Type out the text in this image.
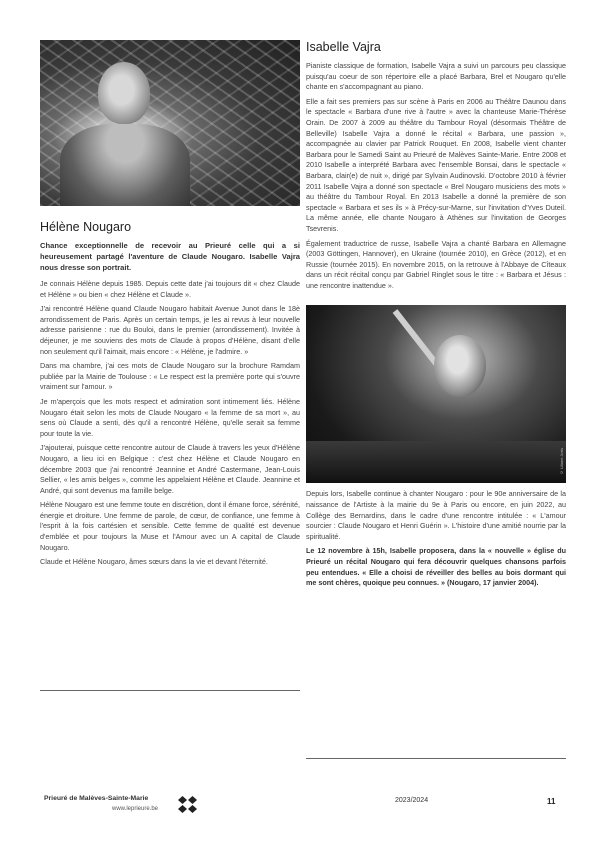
Hélène Nougaro

Chance exceptionnelle de recevoir au Prieuré celle qui a si heureusement partagé l'aventure de Claude Nougaro. Isabelle Vajra nous dresse son portrait.

Je connais Hélène depuis 1985. Depuis cette date j'ai toujours dit « chez Claude et Hélène » ou bien « chez Hélène et Claude ».

J'ai rencontré Hélène quand Claude Nougaro habitait Avenue Junot dans le 18è arrondissement de Paris. Après un certain temps, je les ai revus à leur nouvelle adresse parisienne : rue du Bouloi, dans le premier (arrondissement). Invitée à déjeuner, je me souviens des mots de Claude à propos d'Hélène, disant d'elle non seulement qu'il l'aimait, mais encore : « Hélène, je l'admire. »

Dans ma chambre, j'ai ces mots de Claude Nougaro sur la brochure Ramdam publiée par la Mairie de Toulouse : « Le respect est la première porte qui s'ouvre vraiment sur l'amour. »

Je m'aperçois que les mots respect et admiration sont intimement liés. Hélène Nougaro était selon les mots de Claude Nougaro « la femme de sa mort », au sens où Claude a senti, dès qu'il a rencontré Hélène, qu'elle serait sa femme pour toute la vie.

J'ajouterai, puisque cette rencontre autour de Claude à travers les yeux d'Hélène Nougaro, a lieu ici en Belgique : c'est chez Hélène et Claude Nougaro en décembre 2003 que j'ai rencontré Jeannine et André Castermane, Jean-Louis Sellier, « les amis belges », comme les appelaient Hélène et Claude. Jeannine et André, qui sont devenus ma famille belge.

Hélène Nougaro est une femme toute en discrétion, dont il émane force, sérénité, énergie et droiture. Une femme de parole, de cœur, de confiance, une femme à l'esprit à la fois cartésien et sensible. Cette femme de qualité est devenue d'emblée et pour toujours la Muse et l'Amour avec un A capital de Claude Nougaro.

Claude et Hélène Nougaro, âmes sœurs dans la vie et devant l'éternité.

Isabelle Vajra

Pianiste classique de formation, Isabelle Vajra a suivi un parcours peu classique puisqu'au coeur de son répertoire elle a placé Barbara, Brel et Nougaro qu'elle chante en s'accompagnant au piano.

Elle a fait ses premiers pas sur scène à Paris en 2006 au Théâtre Daunou dans le spectacle « Barbara d'une rive à l'autre » avec la chanteuse Marie-Thérèse Orain. De 2007 à 2009 au théâtre du Tambour Royal (désormais Théâtre de Belleville) Isabelle Vajra a donné le récital « Barbara, une passion », accompagnée au clavier par Patrick Rouquet. En 2008, Isabelle vient chanter Barbara pour le Samedi Saint au Prieuré de Malèves Sainte-Marie. Entre 2008 et 2010 Isabelle a interprété Barbara avec l'ensemble Bonsai, dans le spectacle « Barbara, clair(e) de nuit », dirigé par Sylvain Audinovski. D'octobre 2010 à février 2011 Isabelle Vajra a donné son spectacle « Brel Nougaro musiciens des mots » au théâtre du Tambour Royal. En 2013 Isabelle a donné la première de son spectacle « Barbara et ses ils » à Précy-sur-Marne, sur l'invitation d'Yves Duteil. La même année, elle chante Nougaro à Athènes sur l'invitation de Georges Tsevrenis.

Également traductrice de russe, Isabelle Vajra a chanté Barbara en Allemagne (2003 Göttingen, Hannover), en Ukraine (tournée 2010), en Grèce (2012), et en Russie (tournée 2015). En novembre 2015, on la retrouve à l'Abbaye de Cîteaux dans un récit récital conçu par Gabriel Ringlet sous le titre : « Barbara et Jésus : une rencontre inattendue ».

© Liliane Joris

Depuis lors, Isabelle continue à chanter Nougaro : pour le 90e anniversaire de la naissance de l'Artiste à la mairie du 9e à Paris ou encore, en juin 2022, au Collège des Bernardins, dans le cadre d'une rencontre intitulée : « L'amour sourcier : Claude Nougaro et Henri Guérin ». L'histoire d'une amitié nourrie par la spiritualité.

Le 12 novembre à 15h, Isabelle proposera, dans la « nouvelle » église du Prieuré un récital Nougaro qui fera découvrir quelques chansons parfois peu entendues. « Elle a choisi de réveiller des belles au bois dormant qui me sont chères, quoique peu connues. » (Nougaro, 17 janvier 2004).

Prieuré de Malèves-Sainte-Marie
www.leprieure.be
2023/2024	11
